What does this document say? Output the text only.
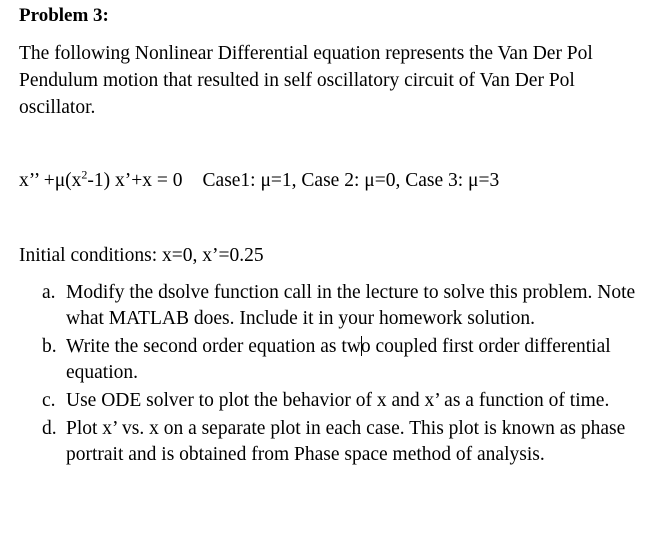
Problem 3:
The following Nonlinear Differential equation represents the Van Der Pol Pendulum motion that resulted in self oscillatory circuit of Van Der Pol oscillator.
x’’ $+\mu(x^2-1)$ x’+x = 0 Case1: μ=1, Case 2: μ=0, Case 3: μ=3
Initial conditions: x=0, x’=0.25
a. Modify the dsolve function call in the lecture to solve this problem. Note what MATLAB does. Include it in your homework solution.
b. Write the second order equation as two coupled first order differential equation.
c. Use ODE solver to plot the behavior of x and x’ as a function of time.
d. Plot x’ vs. x on a separate plot in each case. This plot is known as phase portrait and is obtained from Phase space method of analysis.
